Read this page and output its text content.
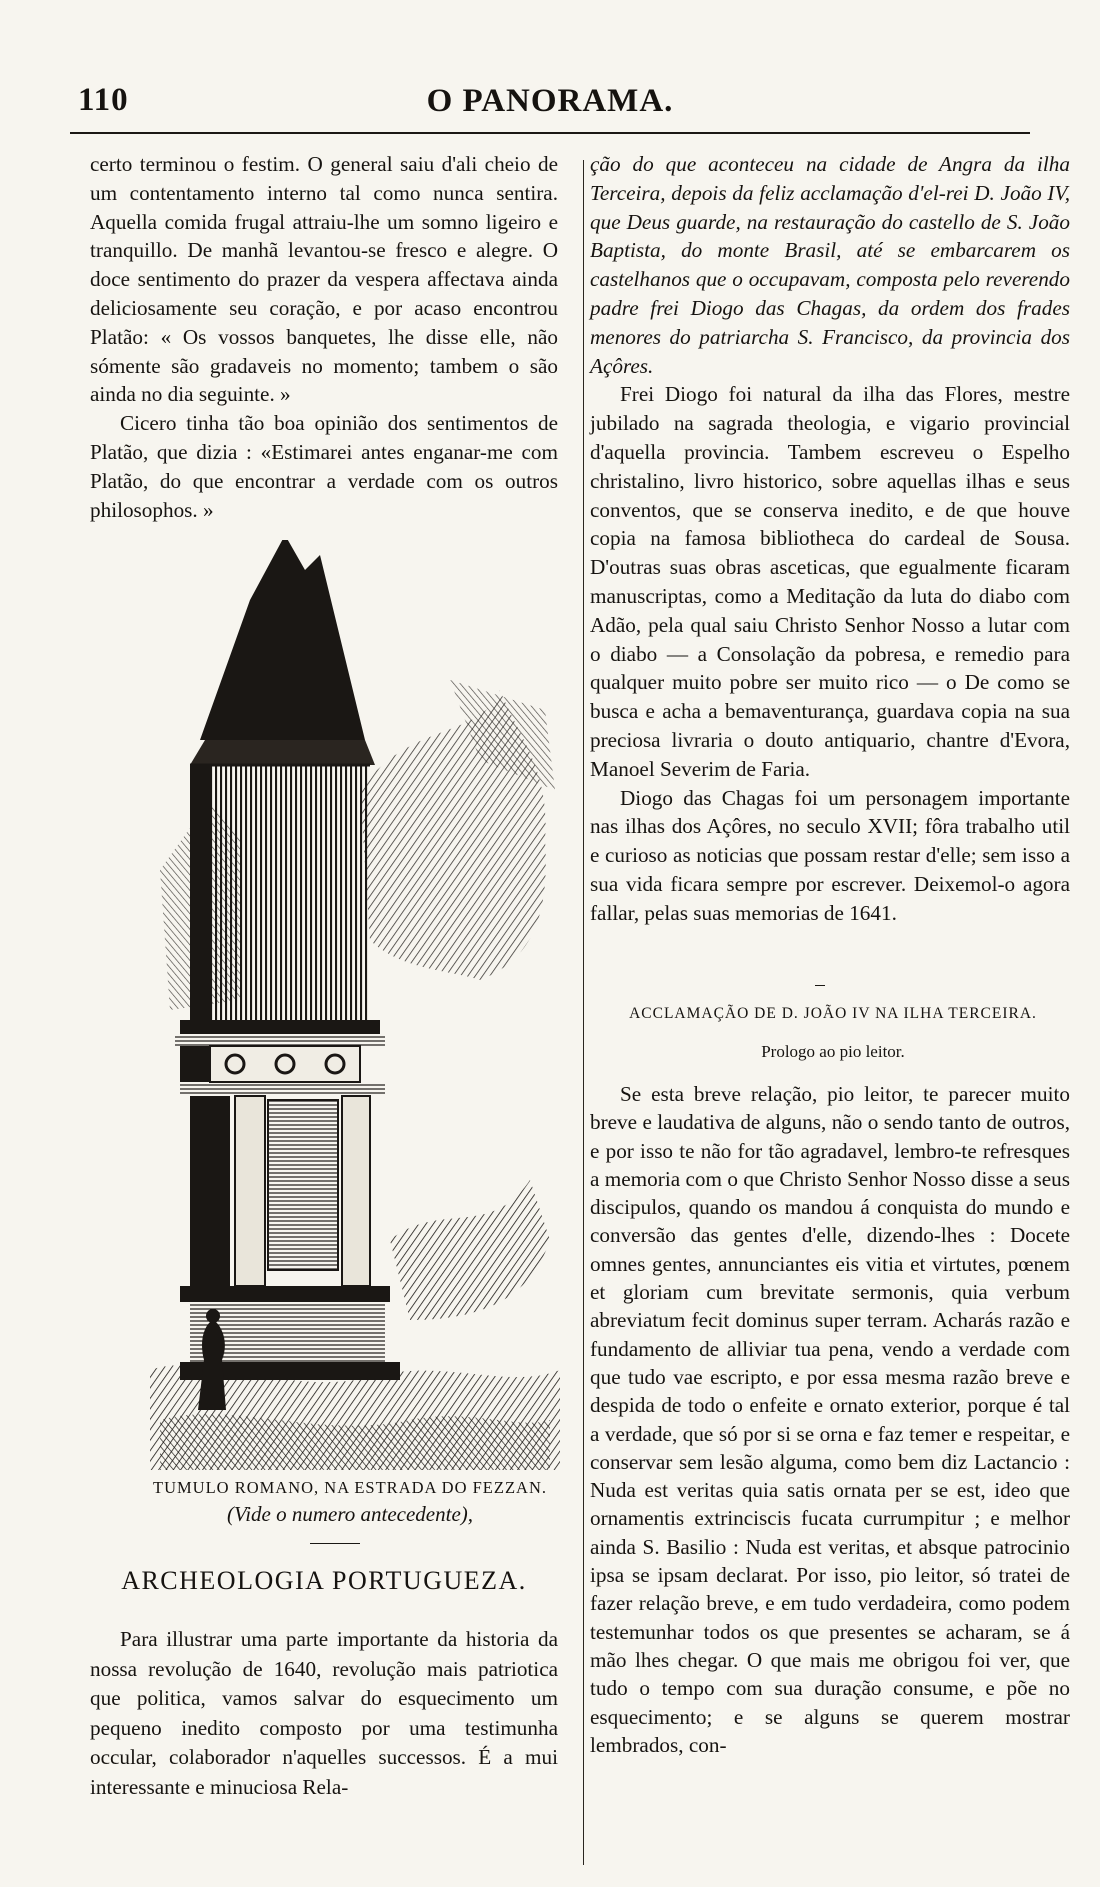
110	O PANORAMA.

certo terminou o festim. O general saiu d'ali cheio de um contentamento interno tal como nunca sentira. Aquella comida frugal attraiu-lhe um somno ligeiro e tranquillo. De manhã levantou-se fresco e alegre. O doce sentimento do prazer da vespera affectava ainda deliciosamente seu coração, e por acaso encontrou Platão: « Os vossos banquetes, lhe disse elle, não sómente são gradaveis no momento; tambem o são ainda no dia seguinte. »

Cicero tinha tão boa opinião dos sentimentos de Platão, que dizia : «Estimarei antes enganar-me com Platão, do que encontrar a verdade com os outros philosophos. »

TUMULO ROMANO, NA ESTRADA DO FEZZAN.
(Vide o numero antecedente),
ARCHEOLOGIA PORTUGUEZA.

Para illustrar uma parte importante da historia da nossa revolução de 1640, revolução mais patriotica que politica, vamos salvar do esquecimento um pequeno inedito composto por uma testimunha occular, colaborador n'aquelles successos. É a mui interessante e minuciosa Rela-

ção do que aconteceu na cidade de Angra da ilha Terceira, depois da feliz acclamação d'el-rei D. João IV, que Deus guarde, na restauração do castello de S. João Baptista, do monte Brasil, até se embarcarem os castelhanos que o occupavam, composta pelo reverendo padre frei Diogo das Chagas, da ordem dos frades menores do patriarcha S. Francisco, da provincia dos Açôres.

Frei Diogo foi natural da ilha das Flores, mestre jubilado na sagrada theologia, e vigario provincial d'aquella provincia. Tambem escreveu o Espelho christalino, livro historico, sobre aquellas ilhas e seus conventos, que se conserva inedito, e de que houve copia na famosa bibliotheca do cardeal de Sousa. D'outras suas obras asceticas, que egualmente ficaram manuscriptas, como a Meditação da luta do diabo com Adão, pela qual saiu Christo Senhor Nosso a lutar com o diabo — a Consolação da pobresa, e remedio para qualquer muito pobre ser muito rico — o De como se busca e acha a bemaventurança, guardava copia na sua preciosa livraria o douto antiquario, chantre d'Evora, Manoel Severim de Faria.

Diogo das Chagas foi um personagem importante nas ilhas dos Açôres, no seculo XVII; fôra trabalho util e curioso as noticias que possam restar d'elle; sem isso a sua vida ficara sempre por escrever. Deixemol-o agora fallar, pelas suas memorias de 1641.

ACCLAMAÇÃO DE D. JOÃO IV NA ILHA TERCEIRA.
Prologo ao pio leitor.

Se esta breve relação, pio leitor, te parecer muito breve e laudativa de alguns, não o sendo tanto de outros, e por isso te não for tão agradavel, lembro-te refresques a memoria com o que Christo Senhor Nosso disse a seus discipulos, quando os mandou á conquista do mundo e conversão das gentes d'elle, dizendo-lhes : Docete omnes gentes, annunciantes eis vitia et virtutes, pœnem et gloriam cum brevitate sermonis, quia verbum abreviatum fecit dominus super terram. Acharás razão e fundamento de alliviar tua pena, vendo a verdade com que tudo vae escripto, e por essa mesma razão breve e despida de todo o enfeite e ornato exterior, porque é tal a verdade, que só por si se orna e faz temer e respeitar, e conservar sem lesão alguma, como bem diz Lactancio : Nuda est veritas quia satis ornata per se est, ideo que ornamentis extrinciscis fucata currumpitur ; e melhor ainda S. Basilio : Nuda est veritas, et absque patrocinio ipsa se ipsam declarat. Por isso, pio leitor, só tratei de fazer relação breve, e em tudo verdadeira, como podem testemunhar todos os que presentes se acharam, se á mão lhes chegar. O que mais me obrigou foi ver, que tudo o tempo com sua duração consume, e põe no esquecimento; e se alguns se querem mostrar lembrados, con-
